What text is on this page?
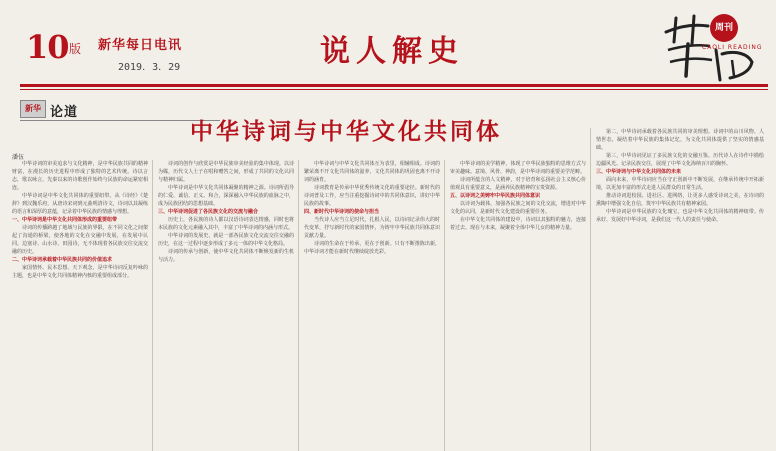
10 版 新华每日电讯
2019．3．29	说人解史
周刊
CAOLI READING
新华 论道
中华诗词与中华文化共同体
潘伍

中华诗词的审美追求与文化精神，是中华民族共同的精神财富，在漫长的历史进程中形成了独特的艺术传统。诗以言志，歌以咏言，先秦以来的诗歌创作始终与民族的命运紧密相连。

中华诗词是中华文化共同体的重要纽带。从《诗经》《楚辞》到汉魏乐府，从唐诗宋词到元曲明清诗文，诗词以其凝练的语言和深厚的意蕴，记录着中华民族的情感与理想。

一、中华诗词是中华文化共同体形成的重要纽带

诗词的传播跨越了地域与民族的界限，在不同文化之间架起了沟通的桥梁，使各地的文化在交融中发展，在发展中认同。边塞诗、山水诗、田园诗，无不体现着各民族交往交流交融的历史。

二、中华诗词承载着中华民族共同的价值追求

家国情怀、民本思想、天下观念，是中华诗词反复吟咏的主题，也是中华文化共同体精神内核的重要组成部分。

诗词的创作与欣赏是中华民族审美经验的集中体现。以诗为媒，历代文人士子在唱和赠答之间，形成了共同的文化认同与精神归属。

中华诗词是中华文化共同体凝聚的精神之源。诗词所倡导的仁爱、诚信、正义、和合，深深融入中华民族的血脉之中，成为民族团结的思想基础。

三、中华诗词促进了各民族文化的交流与融合

历史上，各民族的诗人都以汉语诗词表达情感，同时也将本民族的文化元素融入其中，丰富了中华诗词的内涵与形式。

中华诗词的发展史，就是一部各民族文化交流交往交融的历史，在这一过程中逐步形成了多元一体的中华文化格局。

诗词的传承与创新，使中华文化共同体不断焕发新的生机与活力。

中华诗词与中华文化共同体互为表里，相辅相成。诗词的繁荣离不开文化共同体的滋养，文化共同体的巩固也离不开诗词的涵育。

诗词教育是传承中华优秀传统文化的重要途径。新时代的诗词普及工作，应当注重挖掘诗词中的共同体意识，讲好中华民族的故事。

四、新时代中华诗词的使命与担当

当代诗人应当立足时代，扎根人民，以诗词记录伟大的时代变革，抒写新时代的家国情怀，为铸牢中华民族共同体意识贡献力量。

诗词的生命在于传承，更在于创新。只有不断推陈出新，中华诗词才能在新时代继续绽放光彩。

中华诗词的美学精神，体现了中华民族独特的思维方式与审美趣味。意境、风骨、神韵，是中华诗词的重要美学范畴。

诗词所蕴含的人文精神，对于培育和弘扬社会主义核心价值观具有重要意义，是涵养民族精神的宝贵资源。

五、以诗词之美铸牢中华民族共同体意识

以诗词为载体，加强各民族之间的文化交流，增进对中华文化的认同，是新时代文化建设的重要任务。

在中华文化共同体的建设中，诗词以其独特的魅力，连接着过去、现在与未来，凝聚着全体中华儿女的精神力量。

第二，中华诗词承载着各民族共同的审美理想。诗词中的山川风物、人情世态，凝结着中华民族的集体记忆，为文化共同体提供了坚实的情感基础。

第三，中华诗词见证了多民族文化的交融互鉴。历代诗人在诗作中描绘边疆风光、记录民族交往，展现了中华文化海纳百川的胸怀。

三、中华诗词与中华文化共同体的未来

面向未来，中华诗词应当在守正创新中不断发展，在继承传统中开拓新境，以更加丰富的形式走进人民群众的日常生活。

推动诗词进校园、进社区、进网络，让更多人感受诗词之美，在诗词的熏陶中增强文化自信，筑牢中华民族共有精神家园。

中华诗词是中华民族的文化瑰宝，也是中华文化共同体的精神纽带。传承好、发展好中华诗词，是我们这一代人的责任与使命。
